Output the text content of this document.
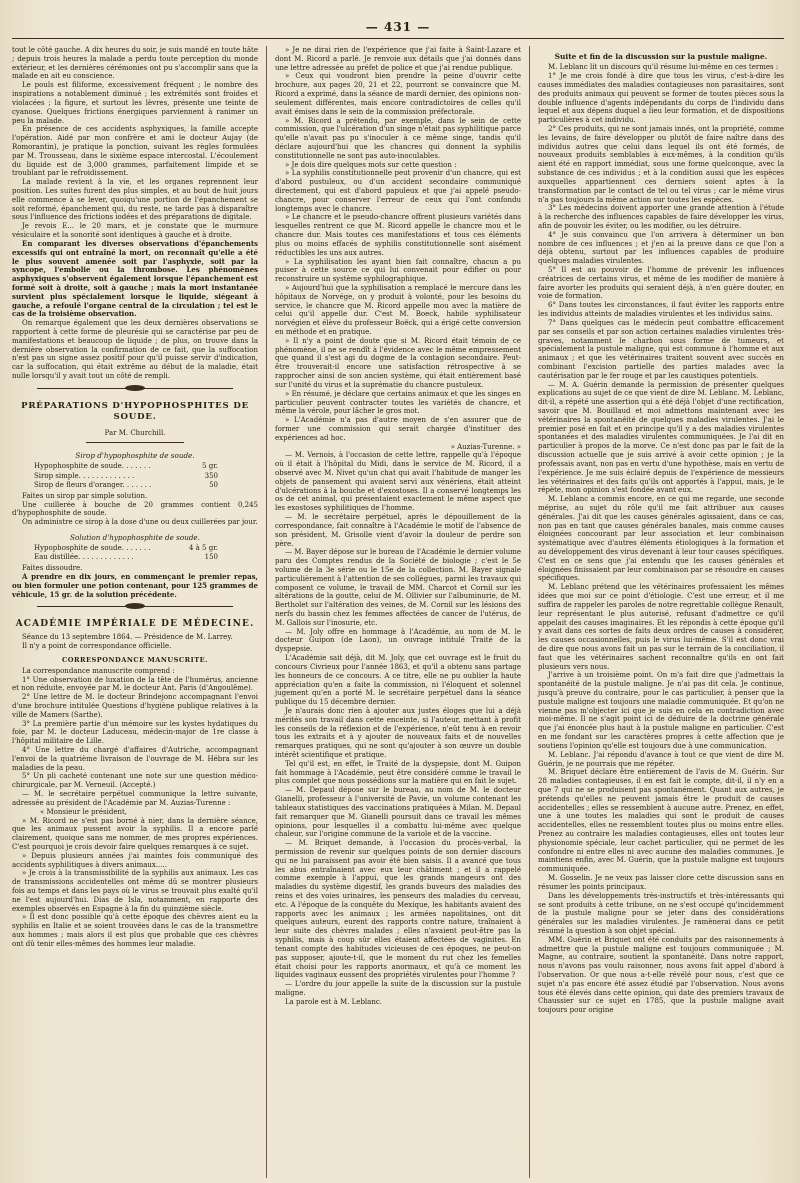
— 431 —

tout le côté gauche. A dix heures du soir, je suis mandé en toute hâte ; depuis trois heures la malade a perdu toute perception du monde extérieur, et les dernières cérémonies ont pu s'accomplir sans que la malade en ait eu conscience.

Le pouls est filiforme, excessivement fréquent ; le nombre des inspirations a notablement diminué ; les extrémités sont froides et violacées ; la figure, et surtout les lèvres, présente une teinte de cyanose. Quelques frictions énergiques parviennent à ranimer un peu la malade.

En présence de ces accidents asphyxiques, la famille accepte l'opération. Aidé par mon confrère et ami le docteur Aujay (de Romorantin), je pratique la ponction, suivant les règles formulées par M. Trousseau, dans le sixième espace intercostal. L'écoulement du liquide est de 3,000 grammes, parfaitement limpide et se troublant par le refroidissement.

La malade revient à la vie, et les organes reprennent leur position. Les suites furent des plus simples, et au bout de huit jours elle commence à se lever, quoiqu'une portion de l'épanchement se soit reformé, épanchement qui, du reste, ne tarde pas à disparaître sous l'influence des frictions iodées et des préparations de digitale.

Je revois E... le 20 mars, et je constate que le murmure vésiculaire et la sonorité sont identiques à gauche et à droite.

En comparant les diverses observations d'épanchements excessifs qui ont entraîné la mort, on reconnaît qu'elle a été le plus souvent amenée soit par l'asphyxie, soit par la syncope, l'embolie ou la thrombose. Les phénomènes asphyxiques s'observent également lorsque l'épanchement est formé soit à droite, soit à gauche ; mais la mort instantanée survient plus spécialement lorsque le liquide, siégeant à gauche, a refoulé l'organe central de la circulation ; tel est le cas de la troisième observation.

On remarque également que les deux dernières observations se rapportent à cette forme de pleurésie qui se caractérise par peu de manifestations et beaucoup de liquide ; de plus, on trouve dans la dernière observation la confirmation de ce fait, que la suffocation n'est pas un signe assez positif pour qu'il puisse servir d'indication, car la suffocation, qui était extrême au début de la maladie, était nulle lorsqu'il y avait tout un côté de rempli.

PRÉPARATIONS D'HYPOPHOSPHITES DE SOUDE.
Par M. Churchill.
Sirop d'hypophosphite de soude.
Hypophosphite de soude. . . . . . .	5 gr.
Sirop simple. . . . . . . . . . . . .	350
Sirop de fleurs d'oranger. . . . . . .	50

Faites un sirop par simple solution.

Une cuillerée à bouche de 20 grammes contient 0,245 d'hypophosphite de soude.

On administre ce sirop à la dose d'une ou deux cuillerées par jour.

Solution d'hypophosphite de soude.
Hypophosphite de soude. . . . . . .	4 à 5 gr.
Eau distillée. . . . . . . . . . . . .	150

Faites dissoudre.

A prendre en dix jours, en commençant le premier repas, ou bien formuler une potion contenant, pour 125 grammes de véhicule, 15 gr. de la solution précédente.

ACADÉMIE IMPÉRIALE DE MÉDECINE.

Séance du 13 septembre 1864. — Présidence de M. Larrey.

Il n'y a point de correspondance officielle.

CORRESPONDANCE MANUSCRITE.

La correspondance manuscrite comprend :

1° Une observation de luxation de la tête de l'humérus, ancienne et non réduite, envoyée par M. le docteur Ant. Paris (d'Angoulême).

2° Une lettre de M. le docteur Brindejonc accompagnant l'envoi d'une brochure intitulée Questions d'hygiène publique relatives à la ville de Mamers (Sarthe).

3° La première partie d'un mémoire sur les kystes hydatiques du foie, par M. le docteur Laduceau, médecin-major de 1re classe à l'hôpital militaire de Lille.

4° Une lettre du chargé d'affaires d'Autriche, accompagnant l'envoi de la quatrième livraison de l'ouvrage de M. Hébra sur les maladies de la peau.

5° Un pli cacheté contenant une note sur une question médico-chirurgicale, par M. Verneuil. (Accepté.)

— M. le secrétaire perpétuel communique la lettre suivante, adressée au président de l'Académie par M. Auzias-Turenne :

« Monsieur le président,

» M. Ricord ne s'est pas borné à nier, dans la dernière séance, que les animaux pussent avoir la syphilis. Il a encore parlé clairement, quoique sans me nommer, de mes propres expériences. C'est pourquoi je crois devoir faire quelques remarques à ce sujet.

» Depuis plusieurs années j'ai maintes fois communiqué des accidents syphilitiques à divers animaux.....

» Je crois à la transmissibilité de la syphilis aux animaux. Les cas de transmissions accidentelles ont même dû se montrer plusieurs fois au temps et dans les pays où le virus se trouvait plus exalté qu'il ne l'est aujourd'hui. Dias de Isla, notamment, en rapporte des exemples observés en Espagne à la fin du quinzième siècle.

» Il est donc possible qu'à cette époque des chèvres aient eu la syphilis en Italie et se soient trouvées dans le cas de la transmettre aux hommes ; mais alors il est plus que probable que ces chèvres ont dû tenir elles-mêmes des hommes leur maladie.

» Je ne dirai rien de l'expérience que j'ai faite à Saint-Lazare et dont M. Ricord a parlé. Je renvoie aux détails que j'ai donnés dans une lettre adressée au préfet de police et que j'ai rendue publique.

» Ceux qui voudront bien prendre la peine d'ouvrir cette brochure, aux pages 20, 21 et 22, pourront se convaincre que M. Ricord a exprimé, dans la séance de mardi dernier, des opinions non-seulement différentes, mais encore contradictoires de celles qu'il avait émises dans le sein de la commission préfectorale.

» M. Ricord a prétendu, par exemple, dans le sein de cette commission, que l'ulcération d'un singe n'était pas syphilitique parce qu'elle n'avait pas pu s'inoculer à ce même singe, tandis qu'il déclare aujourd'hui que les chancres qui donnent la syphilis constitutionnelle ne sont pas auto-inoculables.

» Je dois dire quelques mots sur cette question :

» La syphilis constitutionnelle peut provenir d'un chancre, qui est d'abord pustuleux, ou d'un accident secondaire communiqué directement, qui est d'abord papuleux et que j'ai appelé pseudo-chancre, pour conserver l'erreur de ceux qui l'ont confondu longtemps avec le chancre.

» Le chancre et le pseudo-chancre offrent plusieurs variétés dans lesquelles rentrent ce que M. Ricord appelle le chancre mou et le chancre dur. Mais toutes ces manifestations et tous ces éléments plus ou moins effacés de syphilis constitutionnelle sont aisément réductibles les uns aux autres.

» La syphilisation les ayant bien fait connaître, chacun a pu puiser à cette source ce qui lui convenait pour édifier ou pour reconstruire un système syphilographique.

» Aujourd'hui que la syphilisation a remplacé le mercure dans les hôpitaux de Norvége, on y produit à volonté, pour les besoins du service, le chancre que M. Ricord appelle mou avec la matière de celui qu'il appelle dur. C'est M. Boeck, habile syphilisateur norvégien et élève du professeur Boëck, qui a érigé cette conversion en méthode et en pratique.

» Il n'y a point de doute que si M. Ricord était témoin de ce phénomène, il ne se rendît à l'évidence avec le même empressement que quand il s'est agi du dogme de la contagion secondaire. Peut-être trouverait-il encore une satisfaction rétrospective à se rapprocher ainsi de son ancien système, qui était entièrement basé sur l'unité du virus et la suprématie du chancre pustuleux.

» En résumé, je déclare que certains animaux et que les singes en particulier peuvent contracter toutes les variétés de chancre, et même la vérole, pour lâcher le gros mot.

» L'Académie n'a pas d'autre moyen de s'en assurer que de former une commission qui serait chargée d'instituer des expériences ad hoc.

» Auzias-Turenne. »

— M. Vernois, à l'occasion de cette lettre, rappelle qu'à l'époque où il était à l'hôpital du Midi, dans le service de M. Ricord, il a observé avec M. Nivet qu'un chat qui avait l'habitude de manger les objets de pansement qui avaient servi aux vénériens, était atteint d'ulcérations à la bouche et d'exostoses. Il a conservé longtemps les os de cet animal, qui présentaient exactement le même aspect que les exostoses syphilitiques de l'homme.

— M. le secrétaire perpétuel, après le dépouillement de la correspondance, fait connaître à l'Académie le motif de l'absence de son président, M. Grisolle vient d'avoir la douleur de perdre son père.

— M. Bayer dépose sur le bureau de l'Académie le dernier volume paru des Comptes rendus de la Société de biologie ; c'est le 5e volume de la 3e série ou le 15e de la collection. M. Bayer signale particulièrement à l'attention de ses collègues, parmi les travaux qui composent ce volume, le travail de MM. Charcot et Cornil sur les altérations de la goutte, celui de M. Ollivier sur l'albuminurie, de M. Bertholet sur l'altération des veines, de M. Cornil sur les lésions des nerfs du bassin chez les femmes affectées de cancer de l'utérus, de M. Gallois sur l'inosurie, etc.

— M. Joly offre en hommage à l'Académie, au nom de M. le docteur Guipon (de Laon), un ouvrage intitulé Traité de la dyspepsie.

L'Académie sait déjà, dit M. Joly, que cet ouvrage est le fruit du concours Civrieux pour l'année 1863, et qu'il a obtenu sans partage les honneurs de ce concours. A ce titre, elle ne pu oublier la haute appréciation qu'en a faite la commission, ni l'éloquent et solennel jugement qu'en a porté M. le secrétaire perpétuel dans la séance publique du 15 décembre dernier.

Je n'aurais donc rien à ajouter aux justes éloges que lui a déjà mérités son travail dans cette enceinte, si l'auteur, mettant à profit les conseils de la réflexion et de l'expérience, n'eût tenu à en revoir tous les extraits et à y ajouter de nouveaux faits et de nouvelles remarques pratiques, qui ne sont qu'ajouter à son œuvre un double intérêt scientifique et pratique.

Tel qu'il est, en effet, le Traité de la dyspepsie, dont M. Guipon fait hommage à l'Académie, peut être considéré comme le travail le plus complet que nous possédions sur la matière qui en fait le sujet.

— M. Depaul dépose sur le bureau, au nom de M. le docteur Gianelli, professeur à l'université de Pavie, un volume contenant les tableaux statistiques des vaccinations pratiquées à Milan. M. Depaul fait remarquer que M. Gianelli poursuit dans ce travail les mêmes opinions, pour lesquelles il a combattu lui-même avec quelque chaleur, sur l'origine commune de la variole et de la vaccine.

— M. Briquet demande, à l'occasion du procès-verbal, la permission de revenir sur quelques points de son dernier discours qui ne lui paraissent pas avoir été bien saisis. Il a avancé que tous les abus entraînaient avec eux leur châtiment ; et il a rappelé comme exemple à l'appui, que les grands mangeurs ont des maladies du système digestif, les grands buveurs des maladies des reins et des voies urinaires, les penseurs des maladies du cerveau, etc. A l'époque de la conquête du Mexique, les habitants avaient des rapports avec les animaux ; les armées napolitaines, ont dit quelques auteurs, eurent des rapports contre nature, traînaient à leur suite des chèvres malades ; elles n'avaient peut-être pas la syphilis, mais à coup sûr elles étaient affectées de vaginites. En tenant compte des habitudes vicieuses de ces époques, ne peut-on pas supposer, ajoute-t-il, que le moment du rut chez les femelles était choisi pour les rapports anormaux, et qu'à ce moment les liquides vaginaux eussent des propriétés virulentes pour l'homme ?

— L'ordre du jour appelle la suite de la discussion sur la pustule maligne.

La parole est à M. Leblanc.

Suite et fin de la discussion sur la pustule maligne.

M. Leblanc lit un discours qu'il résume lui-même en ces termes :

1° Je me crois fondé à dire que tous les virus, c'est-à-dire les causes immédiates des maladies contagieuses non parasitaires, sont des produits animaux qui peuvent se former de toutes pièces sous la double influence d'agents indépendants du corps de l'individu dans lequel et aux dépens duquel a lieu leur formation, et de dispositions particulières à cet individu.

2° Ces produits, qui ne sont jamais innés, ont la propriété, comme les levains, de faire développer ou plutôt de faire naître dans des individus autres que celui dans lequel ils ont été formés, de nouveaux produits semblables à eux-mêmes, à la condition qu'ils aient été en rapport immédiat, sous une forme quelconque, avec la substance de ces individus ; et à la condition aussi que les espèces auxquelles appartiennent ces derniers soient aptes à la transformation par le contact de tel ou tel virus ; car le même virus n'a pas toujours la même action sur toutes les espèces.

3° Les médecins doivent apporter une grande attention à l'étude à la recherche des influences capables de faire développer les virus, afin de pouvoir les éviter, ou les modifier, ou les détruire.

4° Je suis convaincu que l'on arrivera à déterminer un bon nombre de ces influences ; et j'en ai la preuve dans ce que l'on a déjà obtenu, surtout par les influences capables de produire quelques maladies virulentes.

5° Il est au pouvoir de l'homme de prévenir les influences créatrices de certains virus, et même de les modifier de manière à faire avorter les produits qui seraient déjà, à n'en guère douter, en voie de formation.

6° Dans toutes les circonstances, il faut éviter les rapports entre les individus atteints de maladies virulentes et les individus sains.

7° Dans quelques cas le médecin peut combattre efficacement par ses conseils et par son action certaines maladies virulentes très-graves, notamment le charbon sous forme de tumeurs, et spécialement la pustule maligne, qui est commune à l'homme et aux animaux ; et que les vétérinaires traitent souvent avec succès en combinant l'excision partielle des parties malades avec la cautérisation par le fer rouge et par les caustiques potentiels.

— M. A. Guérin demande la permission de présenter quelques explications au sujet de ce que vient de dire M. Leblanc. M. Leblanc, dit-il, a répété une assertion qui a été déjà l'objet d'une rectification, savoir que M. Bouillaud et moi admettons maintenant avec les vétérinaires la spontanéité de quelques maladies virulentes. J'ai le premier posé en fait et en principe qu'il y a des maladies virulentes spontanées et des maladies virulentes communiquées. Je l'ai dit en particulier à propos de la morve. Ce n'est donc pas par le fait de la discussion actuelle que je suis arrivé à avoir cette opinion ; je la professais avant, non pas en vertu d'une hypothèse, mais en vertu de l'expérience. Je me suis éclairé depuis de l'expérience de messieurs les vétérinaires et des faits qu'ils ont apportés à l'appui, mais, je le répète, mon opinion s'est fondée avant eux.

M. Leblanc a commis encore, en ce qui me regarde, une seconde méprise, au sujet du rôle qu'il me fait attribuer aux causes générales. J'ai dit que les causes générales agissaient, dans ce cas, non pas en tant que causes générales banales, mais comme causes éloignées concourant par leur association et leur combinaison systématique avec d'autres éléments étiologiques à la formation et au développement des virus devenant à leur tour causes spécifiques. C'est en ce sens que j'ai entendu que les causes générales et éloignées finissaient par leur combinaison par se résoudre en causes spécifiques.

M. Leblanc prétend que les vétérinaires professaient les mêmes idées que moi sur ce point d'étiologie. C'est une erreur, et il me suffira de rappeler les paroles de notre regrettable collègue Renault, leur représentant le plus autorisé, refusant d'admettre ce qu'il appelait des causes imaginaires. Et les répondis à cette époque qu'il y avait dans ces sortes de faits deux ordres de causes à considérer, les causes occasionnelles, puis le virus lui-même. S'il est donc vrai de dire que nous avons fait un pas sur le terrain de la conciliation, il faut que les vétérinaires sachent reconnaître qu'ils en ont fait plusieurs vers nous.

J'arrive à un troisième point. On m'a fait dire que j'admettais la spontanéité de la pustule maligne. Je n'ai pas dit cela. Je continue, jusqu'à preuve du contraire, pour le cas particulier, à penser que la pustule maligne est toujours une maladie communiquée. Et qu'on ne vienne pas m'objecter ici que je suis en cela en contradiction avec moi-même. Il ne s'agit point ici de déduire de la doctrine générale que j'ai énoncée plus haut à la pustule maligne en particulier. C'est en me fondant sur les caractères propres à cette affection que je soutiens l'opinion qu'elle est toujours due à une communication.

M. Leblanc. J'ai répondu d'avance à tout ce que vient de dire M. Guérin, je ne pourrais que me répéter.

M. Briquet déclare être entièrement de l'avis de M. Guérin. Sur 28 maladies contagieuses, il en est fait le compte, dit-il, il n'y en a que 7 qui ne se produisent pas spontanément. Quant aux autres, je prétends qu'elles ne peuvent jamais être le produit de causes accidentelles ; elles se ressemblent à aucune autre. Prenez, en effet, une à une toutes les maladies qui sont le produit de causes accidentelles, elles ne ressemblent toutes plus ou moins entre elles. Prenez au contraire les maladies contagieuses, elles ont toutes leur physionomie spéciale, leur cachet particulier, qui ne permet de les confondre ni entre elles ni avec aucune des maladies communes. Je maintiens enfin, avec M. Guérin, que la pustule maligne est toujours communiquée.

M. Gosselin. Je ne veux pas laisser clore cette discussion sans en résumer les points principaux.

Dans les développements très-instructifs et très-intéressants qui se sont produits à cette tribune, on ne s'est occupé qu'incidemment de la pustule maligne pour se jeter dans des considérations générales sur les maladies virulentes. Je ramènerai dans ce petit résumé la question à son objet spécial.

MM. Guérin et Briquet ont été conduits par des raisonnements à admettre que la pustule maligne est toujours communiquée ; M. Magne, au contraire, soutient la spontanéité. Dans notre rapport, nous n'avons pas voulu raisonner, nous avons fait appel d'abord à l'observation. Or que nous a-t-elle révélé pour nous, c'est que ce sujet n'a pas encore été assez étudié par l'observation. Nous avons tous été élevés dans cette opinion, qui date des premiers travaux de Chaussier sur ce sujet en 1785, que la pustule maligne avait toujours pour origine
